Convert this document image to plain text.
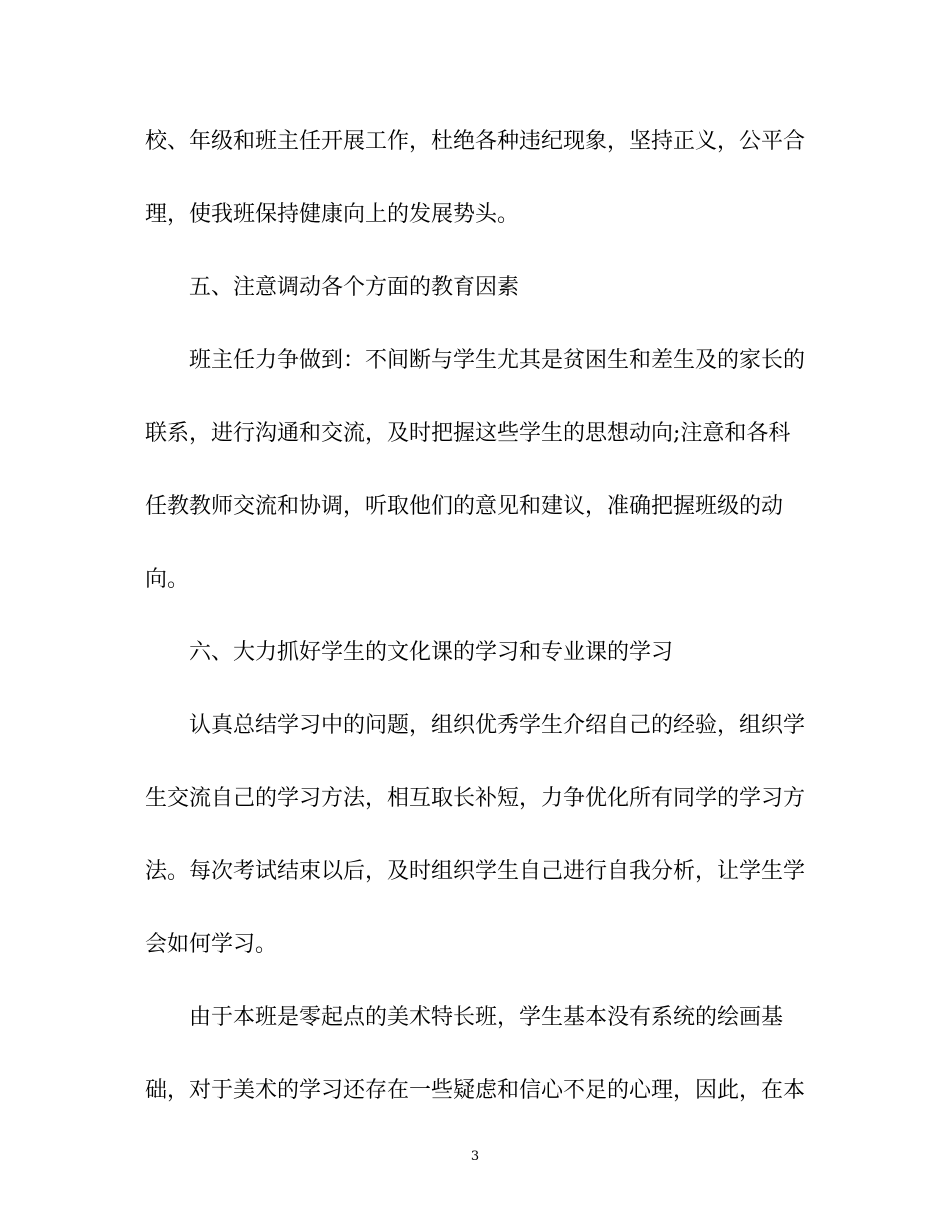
校、年级和班主任开展工作，杜绝各种违纪现象，坚持正义，公平合
理，使我班保持健康向上的发展势头。
五、注意调动各个方面的教育因素
班主任力争做到：不间断与学生尤其是贫困生和差生及的家长的
联系，进行沟通和交流，及时把握这些学生的思想动向;注意和各科
任教教师交流和协调，听取他们的意见和建议，准确把握班级的动
向。
六、大力抓好学生的文化课的学习和专业课的学习
认真总结学习中的问题，组织优秀学生介绍自己的经验，组织学
生交流自己的学习方法，相互取长补短，力争优化所有同学的学习方
法。每次考试结束以后，及时组织学生自己进行自我分析，让学生学
会如何学习。
由于本班是零起点的美术特长班，学生基本没有系统的绘画基
础，对于美术的学习还存在一些疑虑和信心不足的心理，因此，在本
3
